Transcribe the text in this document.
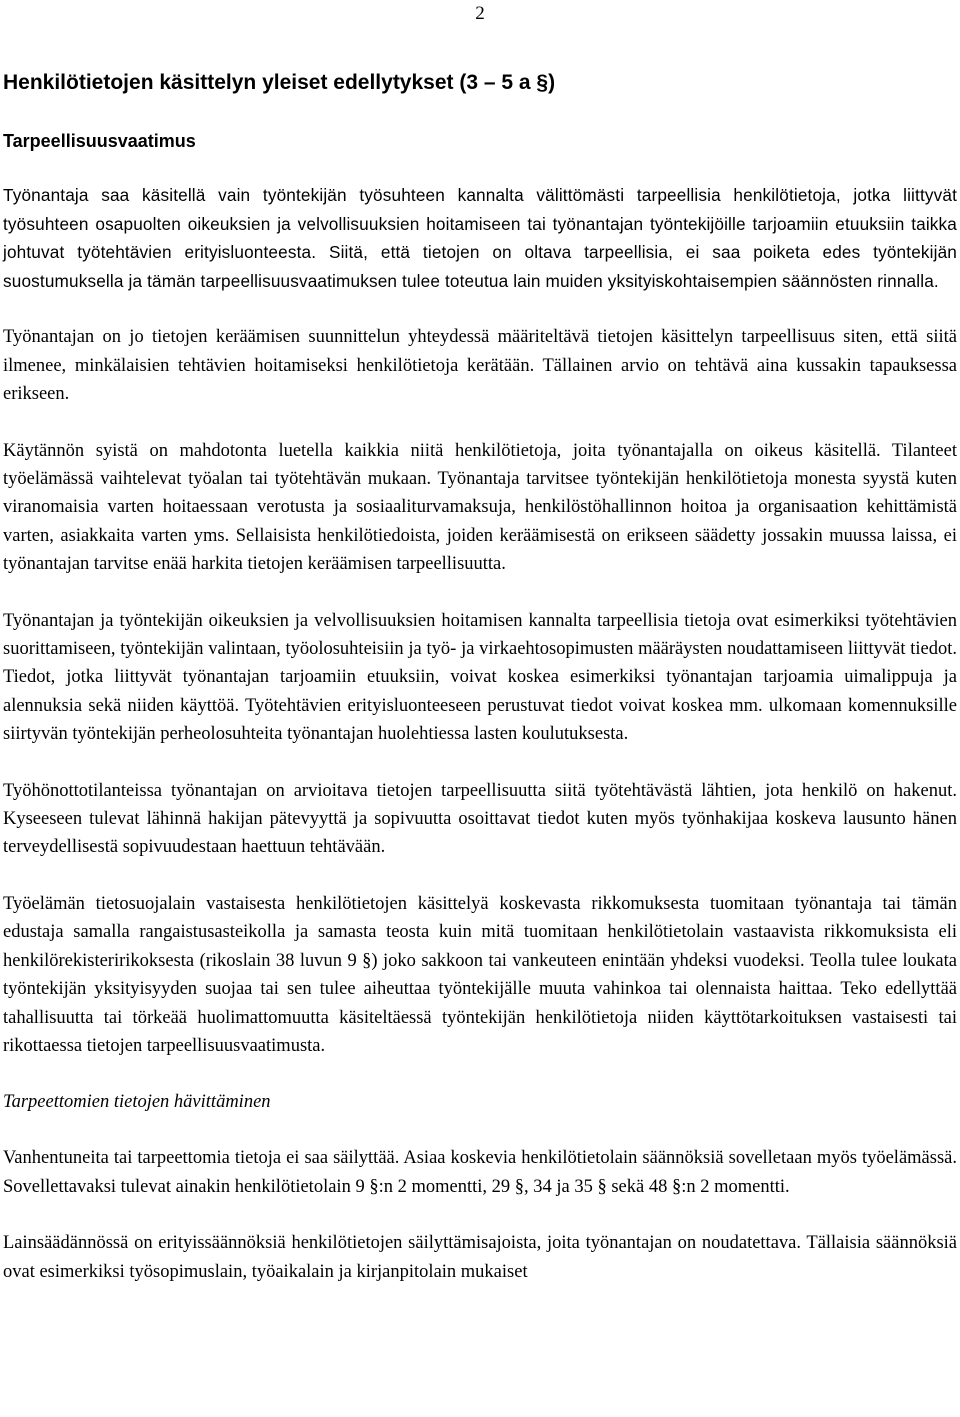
2
Henkilötietojen käsittelyn yleiset edellytykset (3 – 5 a §)
Tarpeellisuusvaatimus
Työnantaja saa käsitellä vain työntekijän työsuhteen kannalta välittömästi tarpeellisia henkilötietoja, jotka liittyvät työsuhteen osapuolten oikeuksien ja velvollisuuksien hoitamiseen tai työnantajan työntekijöille tarjoamiin etuuksiin taikka johtuvat työtehtävien erityisluonteesta. Siitä, että tietojen on oltava tarpeellisia, ei saa poiketa edes työntekijän suostumuksella ja tämän tarpeellisuusvaatimuksen tulee toteutua lain muiden yksityiskohtaisempien säännösten rinnalla.
Työnantajan on jo tietojen keräämisen suunnittelun yhteydessä määriteltävä tietojen käsittelyn tarpeellisuus siten, että siitä ilmenee, minkälaisien tehtävien hoitamiseksi henkilötietoja kerätään. Tällainen arvio on tehtävä aina kussakin tapauksessa erikseen.
Käytännön syistä on mahdotonta luetella kaikkia niitä henkilötietoja, joita työnantajalla on oikeus käsitellä. Tilanteet työelämässä vaihtelevat työalan tai työtehtävän mukaan. Työnantaja tarvitsee työntekijän henkilötietoja monesta syystä kuten viranomaisia varten hoitaessaan verotusta ja sosiaaliturvamaksuja, henkilöstöhallinnon hoitoa ja organisaation kehittämistä varten, asiakkaita varten yms. Sellaisista henkilötiedoista, joiden keräämisestä on erikseen säädetty jossakin muussa laissa, ei työnantajan tarvitse enää harkita tietojen keräämisen tarpeellisuutta.
Työnantajan ja työntekijän oikeuksien ja velvollisuuksien hoitamisen kannalta tarpeellisia tietoja ovat esimerkiksi työtehtävien suorittamiseen, työntekijän valintaan, työolosuhteisiin ja työ- ja virkaehtosopimusten määräysten noudattamiseen liittyvät tiedot. Tiedot, jotka liittyvät työnantajan tarjoamiin etuuksiin, voivat koskea esimerkiksi työnantajan tarjoamia uimalippuja ja alennuksia sekä niiden käyttöä. Työtehtävien erityisluonteeseen perustuvat tiedot voivat koskea mm. ulkomaan komennuksille siirtyvän työntekijän perheolosuhteita työnantajan huolehtiessa lasten koulutuksesta.
Työhönottotilanteissa työnantajan on arvioitava tietojen tarpeellisuutta siitä työtehtävästä lähtien, jota henkilö on hakenut. Kyseeseen tulevat lähinnä hakijan pätevyyttä ja sopivuutta osoittavat tiedot kuten myös työnhakijaa koskeva lausunto hänen terveydellisestä sopivuudestaan haettuun tehtävään.
Työelämän tietosuojalain vastaisesta henkilötietojen käsittelyä koskevasta rikkomuksesta tuomitaan työnantaja tai tämän edustaja samalla rangaistusasteikolla ja samasta teosta kuin mitä tuomitaan henkilötietolain vastaavista rikkomuksista eli henkilörekisteririkoksesta (rikoslain 38 luvun 9 §) joko sakkoon tai vankeuteen enintään yhdeksi vuodeksi. Teolla tulee loukata työntekijän yksityisyyden suojaa tai sen tulee aiheuttaa työntekijälle muuta vahinkoa tai olennaista haittaa. Teko edellyttää tahallisuutta tai törkeää huolimattomuutta käsiteltäessä työntekijän henkilötietoja niiden käyttötarkoituksen vastaisesti tai rikottaessa tietojen tarpeellisuusvaatimusta.
Tarpeettomien tietojen hävittäminen
Vanhentuneita tai tarpeettomia tietoja ei saa säilyttää. Asiaa koskevia henkilötietolain säännöksiä sovelletaan myös työelämässä. Sovellettavaksi tulevat ainakin henkilötietolain 9 §:n 2 momentti, 29 §, 34 ja 35 § sekä 48 §:n 2 momentti.
Lainsäädännössä on erityissäännöksiä henkilötietojen säilyttämisajoista, joita työnantajan on noudatettava. Tällaisia säännöksiä ovat esimerkiksi työsopimuslain, työaikalain ja kirjanpitolain mukaiset
